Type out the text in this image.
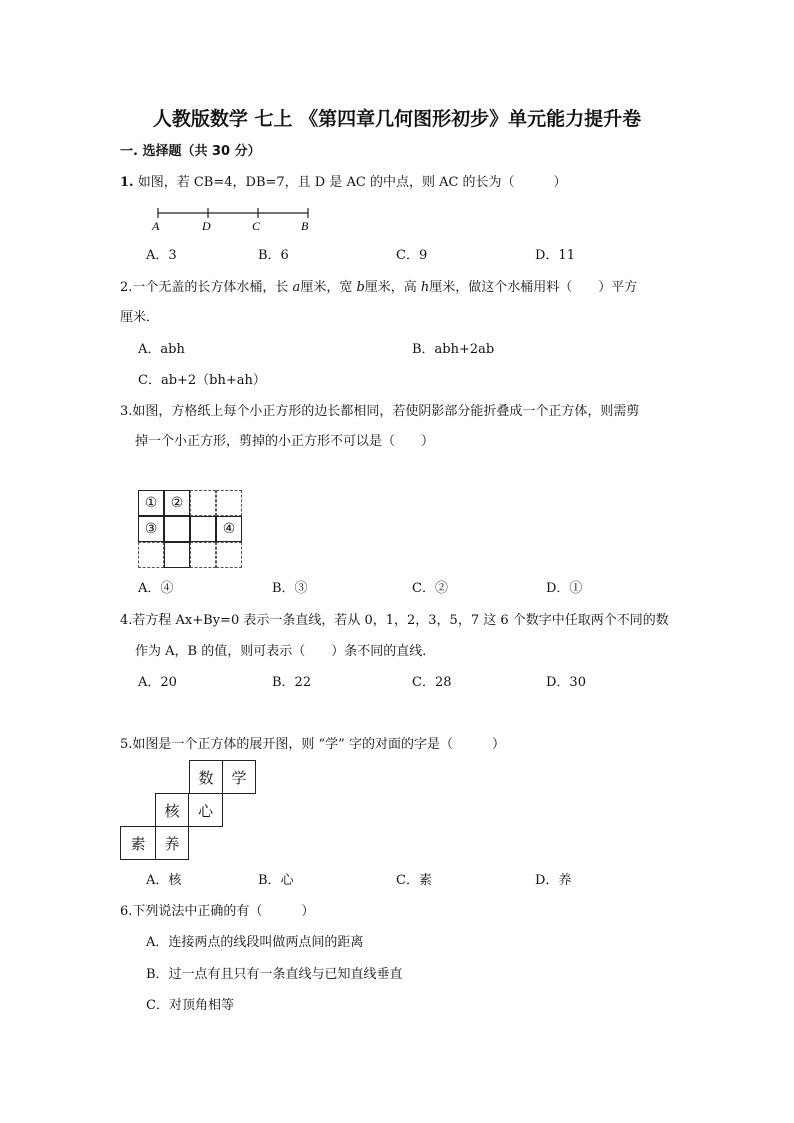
人教版数学 七上 《第四章几何图形初步》单元能力提升卷
一. 选择题（共 30 分）
1. 如图，若 CB=4，DB=7，且 D 是 AC 的中点，则 AC 的长为（　　　）
A	D	C	B
A．3	B．6	C．9	D．11
2.一个无盖的长方体水桶，长 a厘米，宽 b厘米，高 h厘米，做这个水桶用料（　　）平方
厘米．
A．abh	B．abh+2ab
C．ab+2（bh+ah）
3.如图，方格纸上每个小正方形的边长都相同，若使阴影部分能折叠成一个正方体，则需剪
掉一个小正方形，剪掉的小正方形不可以是（　　）
① ②
③	④
A．④	B．③	C．②	D．①
4.若方程 Ax+By=0 表示一条直线，若从 0，1，2，3，5，7 这 6 个数字中任取两个不同的数
作为 A，B 的值，则可表示（　　）条不同的直线．
A．20	B．22	C．28	D．30
5.如图是一个正方体的展开图，则 “学” 字的对面的字是（　　　）
数	学
核	心
素	养
A．核	B．心	C．素	D．养
6.下列说法中正确的有（　　　）
A．连接两点的线段叫做两点间的距离
B．过一点有且只有一条直线与已知直线垂直
C．对顶角相等
